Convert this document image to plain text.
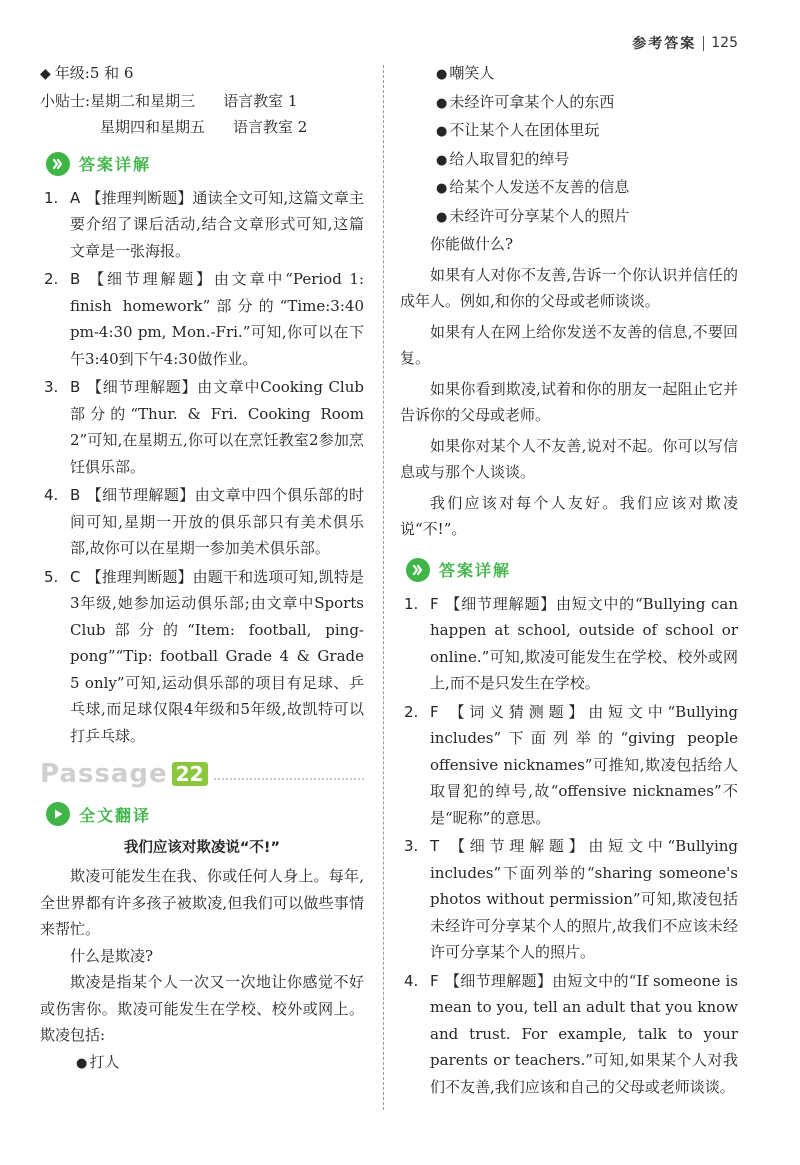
参考答案 125
◆ 年级:5 和 6
小贴士:星期二和星期三 语言教室 1
星期四和星期五 语言教室 2
答案详解
1. A 【推理判断题】通读全文可知,这篇文章主要介绍了课后活动,结合文章形式可知,这篇文章是一张海报。
2. B 【细节理解题】由文章中“Period 1: finish homework”部分的“Time:3:40 pm-4:30 pm, Mon.-Fri.”可知,你可以在下午3:40到下午4:30做作业。
3. B 【细节理解题】由文章中Cooking Club部分的“Thur. & Fri. Cooking Room 2”可知,在星期五,你可以在烹饪教室2参加烹饪俱乐部。
4. B 【细节理解题】由文章中四个俱乐部的时间可知,星期一开放的俱乐部只有美术俱乐部,故你可以在星期一参加美术俱乐部。
5. C 【推理判断题】由题干和选项可知,凯特是3年级,她参加运动俱乐部;由文章中Sports Club部分的“Item: football, ping-pong”“Tip: football Grade 4 & Grade 5 only”可知,运动俱乐部的项目有足球、乒乓球,而足球仅限4年级和5年级,故凯特可以打乒乓球。
Passage 22
全文翻译
我们应该对欺凌说“不!”

欺凌可能发生在我、你或任何人身上。每年,全世界都有许多孩子被欺凌,但我们可以做些事情来帮忙。

什么是欺凌?

欺凌是指某个人一次又一次地让你感觉不好或伤害你。欺凌可能发生在学校、校外或网上。欺凌包括:

● 打人
● 嘲笑人
● 未经许可拿某个人的东西
● 不让某个人在团体里玩
● 给人取冒犯的绰号
● 给某个人发送不友善的信息
● 未经许可分享某个人的照片

你能做什么?

如果有人对你不友善,告诉一个你认识并信任的成年人。例如,和你的父母或老师谈谈。

如果有人在网上给你发送不友善的信息,不要回复。

如果你看到欺凌,试着和你的朋友一起阻止它并告诉你的父母或老师。

如果你对某个人不友善,说对不起。你可以写信息或与那个人谈谈。

我们应该对每个人友好。我们应该对欺凌说“不!”。

答案详解
1. F 【细节理解题】由短文中的“Bullying can happen at school, outside of school or online.”可知,欺凌可能发生在学校、校外或网上,而不是只发生在学校。
2. F 【词义猜测题】由短文中“Bullying includes”下面列举的“giving people offensive nicknames”可推知,欺凌包括给人取冒犯的绰号,故“offensive nicknames”不是“昵称”的意思。
3. T 【细节理解题】由短文中“Bullying includes”下面列举的“sharing someone's photos without permission”可知,欺凌包括未经许可分享某个人的照片,故我们不应该未经许可分享某个人的照片。
4. F 【细节理解题】由短文中的“If someone is mean to you, tell an adult that you know and trust. For example, talk to your parents or teachers.”可知,如果某个人对我们不友善,我们应该和自己的父母或老师谈谈。
